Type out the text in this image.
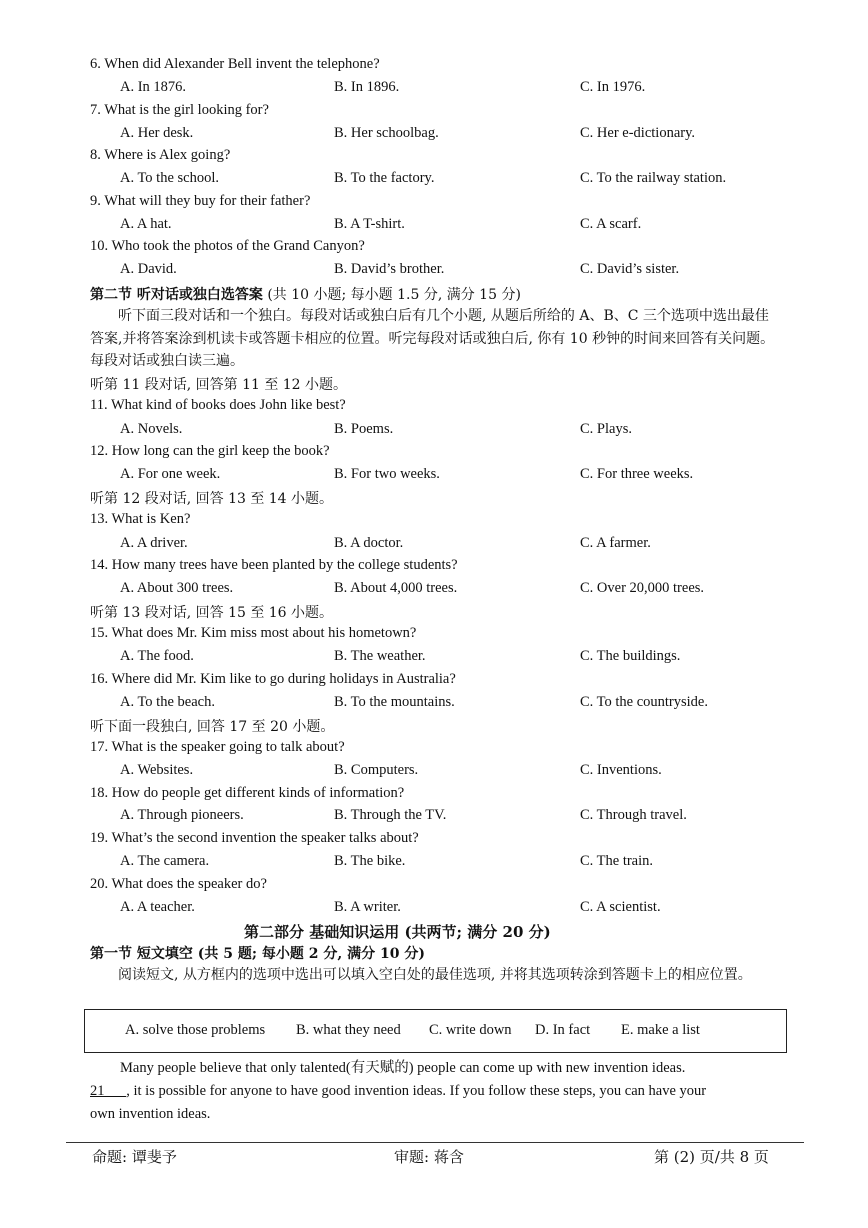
6. When did Alexander Bell invent the telephone?
A. In 1876.	B. In 1896.	C. In 1976.
7. What is the girl looking for?
A. Her desk.	B. Her schoolbag.	C. Her e-dictionary.
8. Where is Alex going?
A. To the school.	B. To the factory.	C. To the railway station.
9. What will they buy for their father?
A. A hat.	B. A T-shirt.	C. A scarf.
10. Who took the photos of the Grand Canyon?
A. David.	B. David’s brother.	C. David’s sister.
第二节 听对话或独白选答案 (共 10 小题; 每小题 1.5 分, 满分 15 分)
听下面三段对话和一个独白。每段对话或独白后有几个小题, 从题后所给的 A、B、C 三个选项中选出最佳答案,并将答案涂到机读卡或答题卡相应的位置。听完每段对话或独白后, 你有 10 秒钟的时间来回答有关问题。每段对话或独白读三遍。
听第 11 段对话, 回答第 11 至 12 小题。
11. What kind of books does John like best?
A. Novels.	B. Poems.	C. Plays.
12. How long can the girl keep the book?
A. For one week.	B. For two weeks.	C. For three weeks.
听第 12 段对话, 回答 13 至 14 小题。
13. What is Ken?
A. A driver.	B. A doctor.	C. A farmer.
14. How many trees have been planted by the college students?
A. About 300 trees.	B. About 4,000 trees.	C. Over 20,000 trees.
听第 13 段对话, 回答 15 至 16 小题。
15. What does Mr. Kim miss most about his hometown?
A. The food.	B. The weather.	C. The buildings.
16. Where did Mr. Kim like to go during holidays in Australia?
A. To the beach.	B. To the mountains.	C. To the countryside.
听下面一段独白, 回答 17 至 20 小题。
17. What is the speaker going to talk about?
A. Websites.	B. Computers.	C. Inventions.
18. How do people get different kinds of information?
A. Through pioneers.	B. Through the TV.	C. Through travel.
19. What’s the second invention the speaker talks about?
A. The camera.	B. The bike.	C. The train.
20. What does the speaker do?
A. A teacher.	B. A writer.	C. A scientist.
第二部分 基础知识运用 (共两节; 满分 20 分)
第一节 短文填空 (共 5 题; 每小题 2 分, 满分 10 分)
阅读短文, 从方框内的选项中选出可以填入空白处的最佳选项, 并将其选项转涂到答题卡上的相应位置。
A. solve those problems B. what they need C. write down D. In fact E. make a list
Many people believe that only talented(有天赋的) people can come up with new invention ideas.
21 , it is possible for anyone to have good invention ideas. If you follow these steps, you can have your
own invention ideas.
命题: 谭斐予	审题: 蒋含	第 (2) 页/共 8 页
